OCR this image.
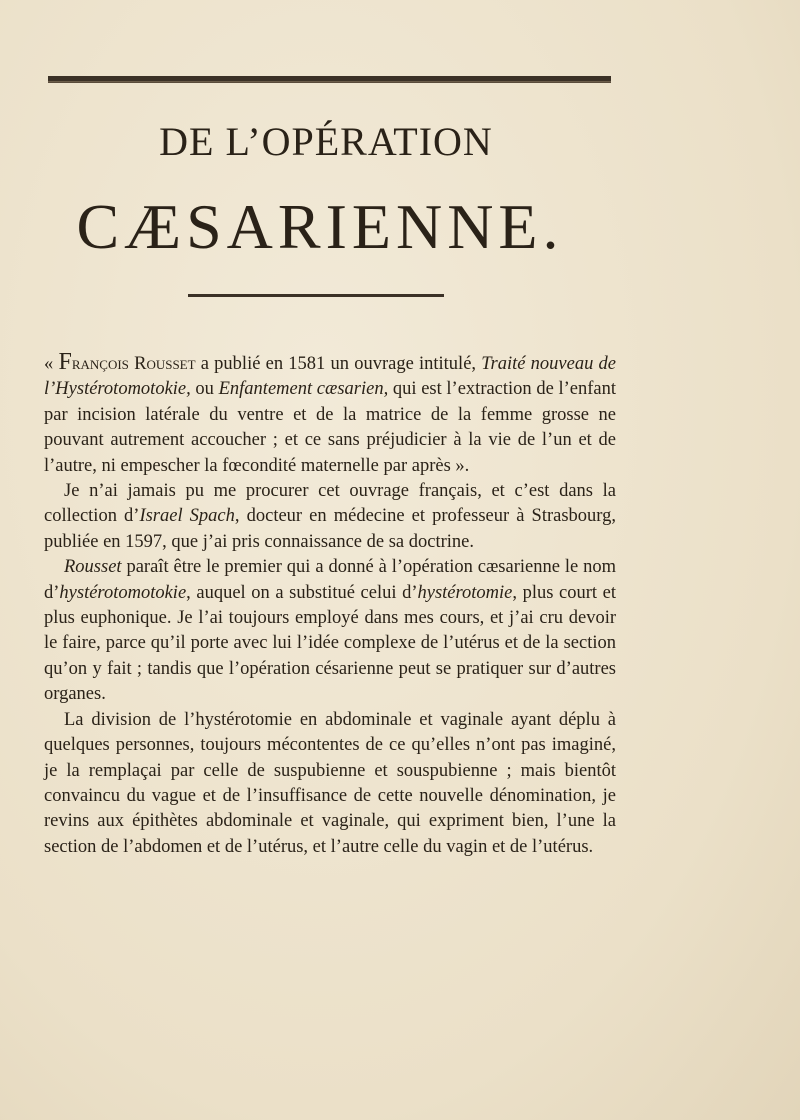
DE L’OPÉRATION
CÆSARIENNE.

« François Rousset a publié en 1581 un ouvrage intitulé, Traité nouveau de l’Hystérotomotokie, ou Enfantement cæsarien, qui est l’extraction de l’enfant par incision latérale du ventre et de la matrice de la femme grosse ne pouvant autrement accoucher ; et ce sans préjudicier à la vie de l’un et de l’autre, ni empescher la fœcondité maternelle par après ».

Je n’ai jamais pu me procurer cet ouvrage français, et c’est dans la collection d’Israel Spach, docteur en médecine et professeur à Strasbourg, publiée en 1597, que j’ai pris connaissance de sa doctrine.

Rousset paraît être le premier qui a donné à l’opération cæsarienne le nom d’hystérotomotokie, auquel on a substitué celui d’hystérotomie, plus court et plus euphonique. Je l’ai toujours employé dans mes cours, et j’ai cru devoir le faire, parce qu’il porte avec lui l’idée complexe de l’utérus et de la section qu’on y fait ; tandis que l’opération césarienne peut se pratiquer sur d’autres organes.

La division de l’hystérotomie en abdominale et vaginale ayant déplu à quelques personnes, toujours mécontentes de ce qu’elles n’ont pas imaginé, je la remplaçai par celle de suspubienne et souspubienne ; mais bientôt convaincu du vague et de l’insuffisance de cette nouvelle dénomination, je revins aux épithètes abdominale et vaginale, qui expriment bien, l’une la section de l’abdomen et de l’utérus, et l’autre celle du vagin et de l’utérus.
